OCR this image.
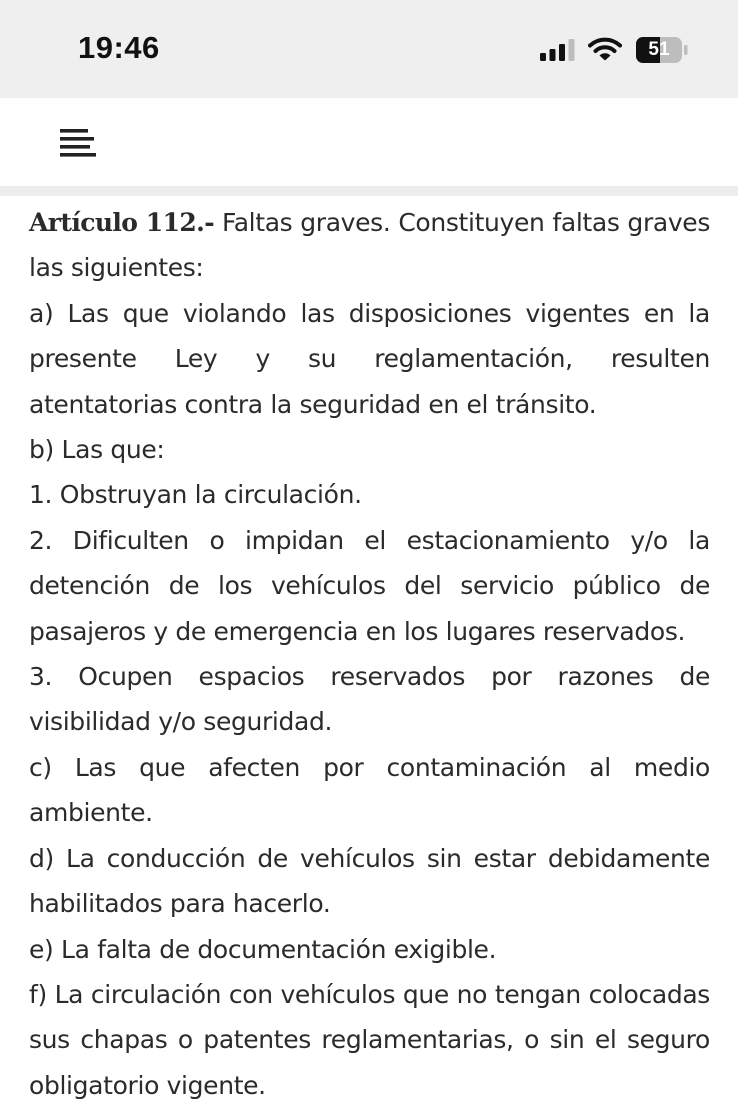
19:46	51

Artículo 112.- Faltas graves. Constituyen faltas graves las siguientes:

a) Las que violando las disposiciones vigentes en la presente Ley y su reglamentación, resulten atentatorias contra la seguridad en el tránsito.

b) Las que:

1. Obstruyan la circulación.

2. Dificulten o impidan el estacionamiento y/o la detención de los vehículos del servicio público de pasajeros y de emergencia en los lugares reservados.

3. Ocupen espacios reservados por razones de visibilidad y/o seguridad.

c) Las que afecten por contaminación al medio ambiente.

d) La conducción de vehículos sin estar debidamente habilitados para hacerlo.

e) La falta de documentación exigible.

f) La circulación con vehículos que no tengan colocadas sus chapas o patentes reglamentarias, o sin el seguro obligatorio vigente.
